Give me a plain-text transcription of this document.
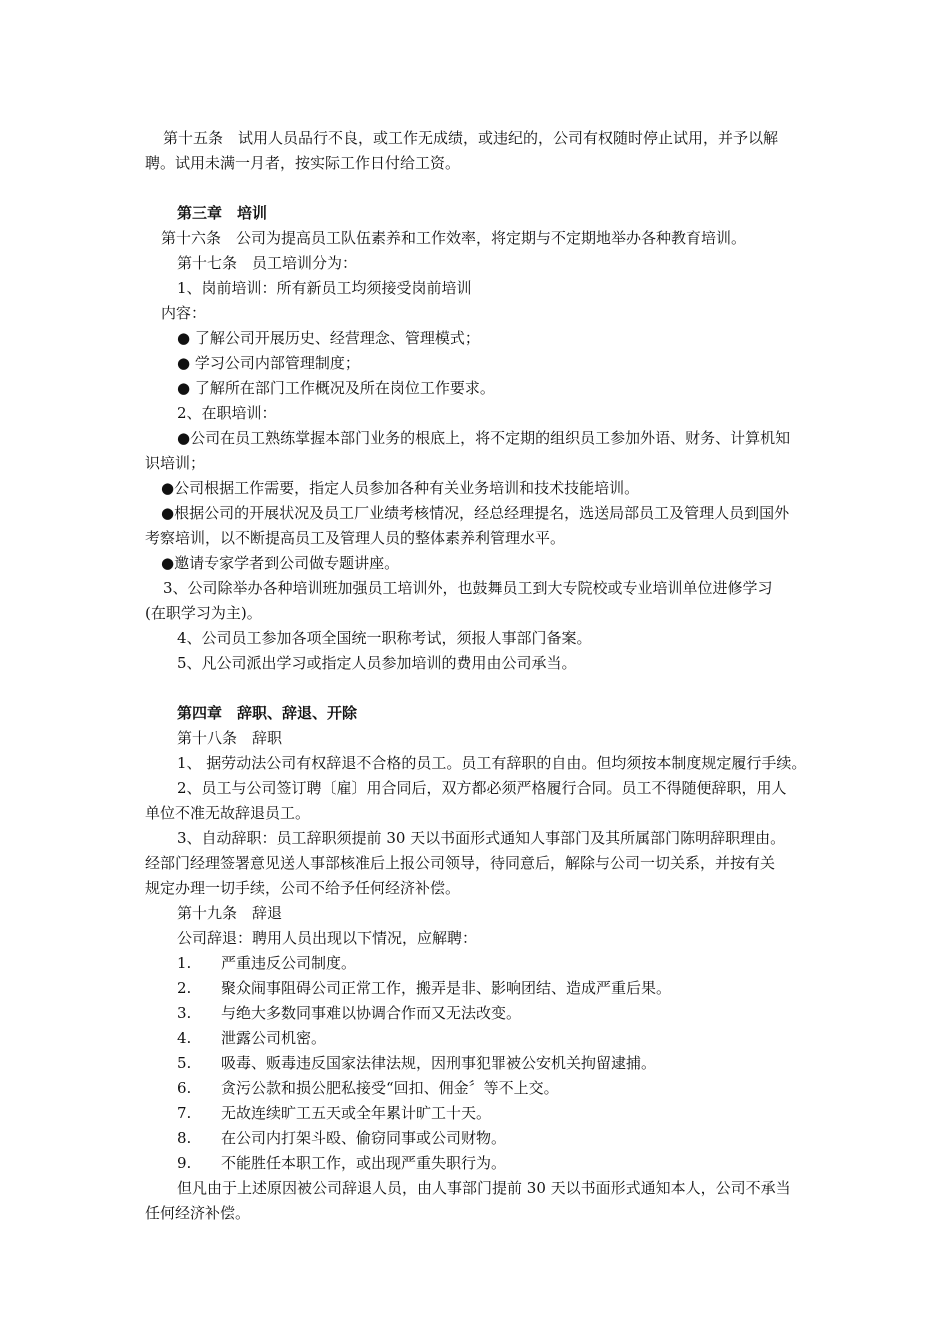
第十五条　试用人员品行不良，或工作无成绩，或违纪的，公司有权随时停止试用，并予以解
聘。试用未满一月者，按实际工作日付给工资。
第三章　培训
第十六条　公司为提高员工队伍素养和工作效率，将定期与不定期地举办各种教育培训。
第十七条　员工培训分为：
1、岗前培训：所有新员工均须接受岗前培训
内容：
● 了解公司开展历史、经营理念、管理模式；
● 学习公司内部管理制度；
● 了解所在部门工作概况及所在岗位工作要求。
2、在职培训：
●公司在员工熟练掌握本部门业务的根底上，将不定期的组织员工参加外语、财务、计算机知
识培训；
●公司根据工作需要，指定人员参加各种有关业务培训和技术技能培训。
●根据公司的开展状况及员工厂业绩考核情况，经总经理提名，选送局部员工及管理人员到国外
考察培训，以不断提高员工及管理人员的整体素养利管理水平。
●邀请专家学者到公司做专题讲座。
3、公司除举办各种培训班加强员工培训外，也鼓舞员工到大专院校或专业培训单位进修学习
(在职学习为主)。
4、公司员工参加各项全国统一职称考试，须报人事部门备案。
5、凡公司派出学习或指定人员参加培训的费用由公司承当。
第四章　辞职、辞退、开除
第十八条　辞职
1、 据劳动法公司有权辞退不合格的员工。员工有辞职的自由。但均须按本制度规定履行手续。
2、员工与公司签订聘〔雇〕用合同后，双方都必须严格履行合同。员工不得随便辞职，用人
单位不准无故辞退员工。
3、自动辞职：员工辞职须提前 30 天以书面形式通知人事部门及其所属部门陈明辞职理由。
经部门经理签署意见送人事部核准后上报公司领导，待同意后，解除与公司一切关系，并按有关
规定办理一切手续，公司不给予任何经济补偿。
第十九条　辞退
公司辞退：聘用人员出现以下情况，应解聘：
1. 严重违反公司制度。
2. 聚众闹事阻碍公司正常工作，搬弄是非、影响团结、造成严重后果。
3. 与绝大多数同事难以协调合作而又无法改变。
4. 泄露公司机密。
5. 吸毒、贩毒违反国家法律法规，因刑事犯罪被公安机关拘留逮捕。
6. 贪污公款和损公肥私接受“回扣、佣金〞等不上交。
7. 无故连续旷工五天或全年累计旷工十天。
8. 在公司内打架斗殴、偷窃同事或公司财物。
9. 不能胜任本职工作，或出现严重失职行为。
但凡由于上述原因被公司辞退人员，由人事部门提前 30 天以书面形式通知本人，公司不承当
任何经济补偿。
